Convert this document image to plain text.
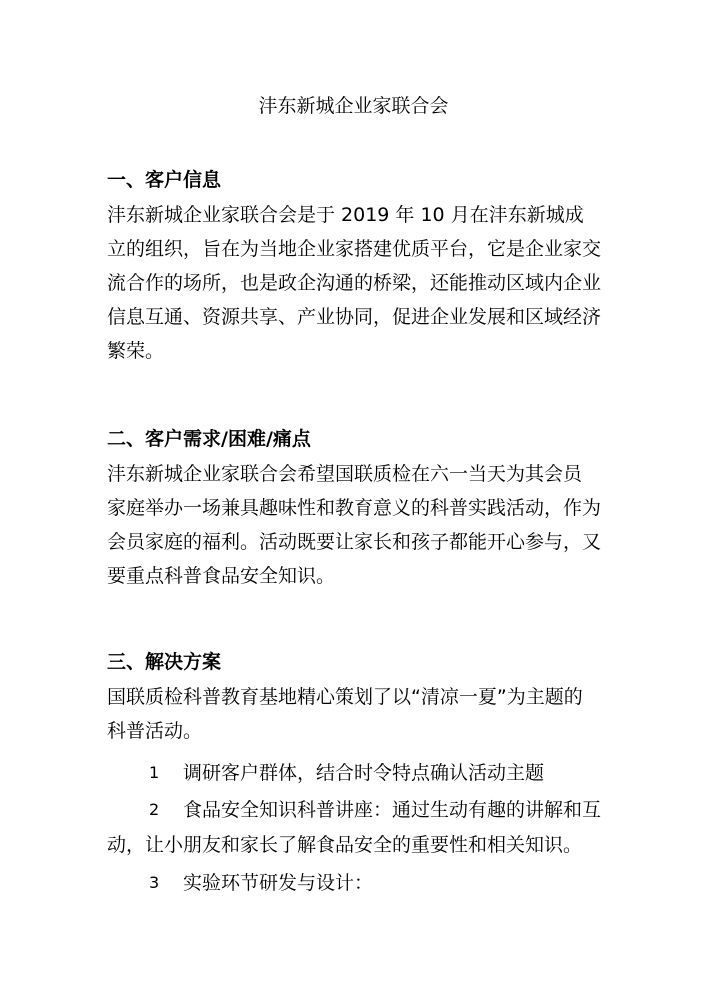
沣东新城企业家联合会
一、客户信息
沣东新城企业家联合会是于 2019 年 10 月在沣东新城成
立的组织，旨在为当地企业家搭建优质平台，它是企业家交
流合作的场所，也是政企沟通的桥梁，还能推动区域内企业
信息互通、资源共享、产业协同，促进企业发展和区域经济
繁荣。
二、客户需求/困难/痛点
沣东新城企业家联合会希望国联质检在六一当天为其会员
家庭举办一场兼具趣味性和教育意义的科普实践活动，作为
会员家庭的福利。活动既要让家长和孩子都能开心参与，又
要重点科普食品安全知识。
三、解决方案
国联质检科普教育基地精心策划了以“清凉一夏”为主题的
科普活动。
1 调研客户群体，结合时令特点确认活动主题
2 食品安全知识科普讲座：通过生动有趣的讲解和互
动，让小朋友和家长了解食品安全的重要性和相关知识。
3 实验环节研发与设计：
